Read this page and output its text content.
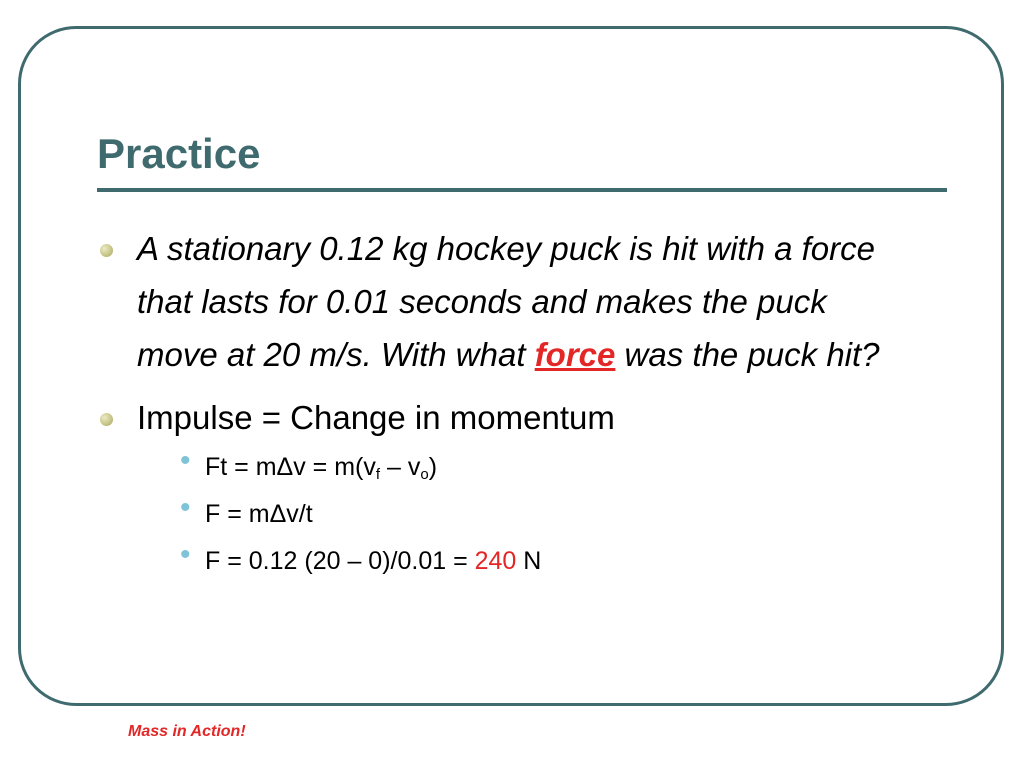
Practice
A stationary 0.12 kg hockey puck is hit with a force that lasts for 0.01 seconds and makes the puck move at 20 m/s. With what force was the puck hit?
Impulse = Change in momentum
• $Ft = m\Delta v = m(v_f - v_o)$
• F = mΔv/t
• F = 0.12 (20 – 0)/0.01 = 240 N
Mass in Action!
